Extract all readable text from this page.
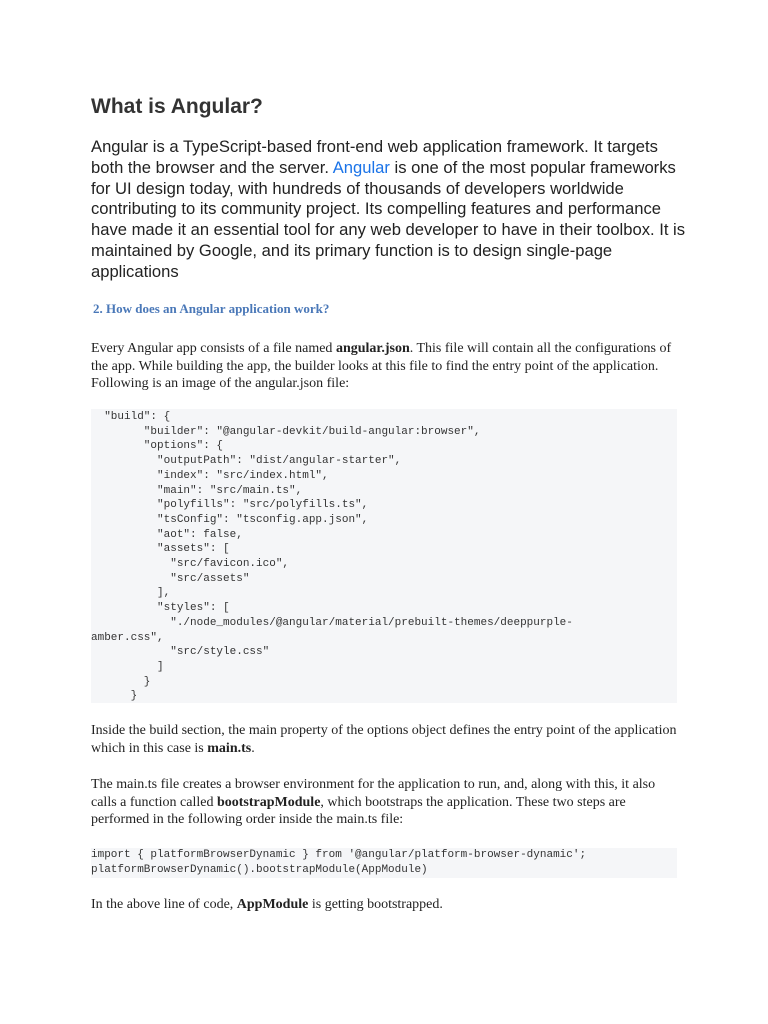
What is Angular?

Angular is a TypeScript-based front-end web application framework. It targets both the browser and the server. Angular is one of the most popular frameworks for UI design today, with hundreds of thousands of developers worldwide contributing to its community project. Its compelling features and performance have made it an essential tool for any web developer to have in their toolbox. It is maintained by Google, and its primary function is to design single-page applications

2. How does an Angular application work?

Every Angular app consists of a file named angular.json. This file will contain all the configurations of the app. While building the app, the builder looks at this file to find the entry point of the application. Following is an image of the angular.json file:

"build": {
"builder": "@angular-devkit/build-angular:browser",
"options": {
"outputPath": "dist/angular-starter",
"index": "src/index.html",
"main": "src/main.ts",
"polyfills": "src/polyfills.ts",
"tsConfig": "tsconfig.app.json",
"aot": false,
"assets": [
"src/favicon.ico",
"src/assets"
],
"styles": [
"./node_modules/@angular/material/prebuilt-themes/deeppurple-
amber.css",
"src/style.css"
]
}
}

Inside the build section, the main property of the options object defines the entry point of the application which in this case is main.ts.

The main.ts file creates a browser environment for the application to run, and, along with this, it also calls a function called bootstrapModule, which bootstraps the application. These two steps are performed in the following order inside the main.ts file:

import { platformBrowserDynamic } from '@angular/platform-browser-dynamic';
platformBrowserDynamic().bootstrapModule(AppModule)

In the above line of code, AppModule is getting bootstrapped.
